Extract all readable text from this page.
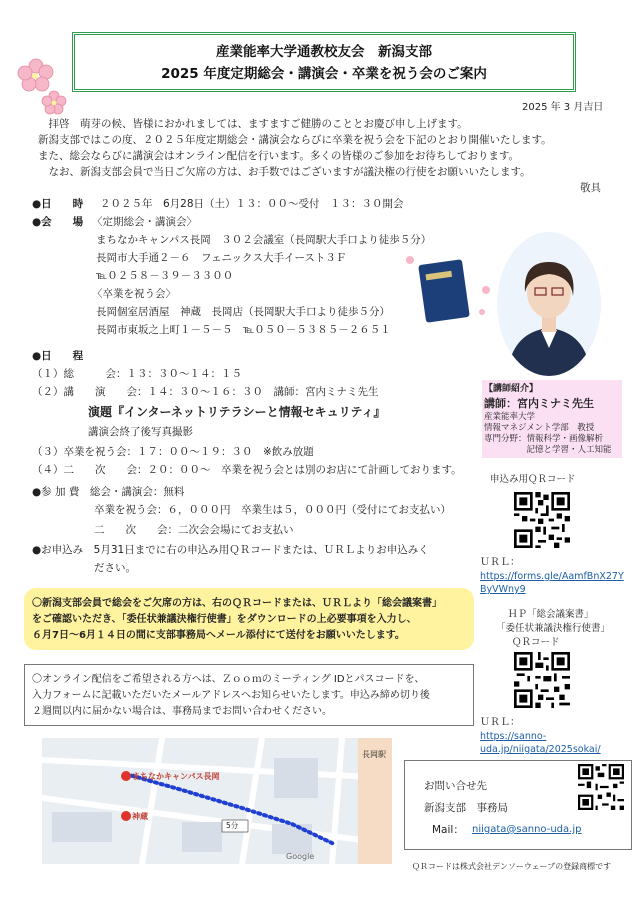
産業能率大学通教校友会　新潟支部
2025 年度定期総会・講演会・卒業を祝う会のご案内
2025 年 3 月吉日
　拝啓　萌芽の候、皆様におかれましては、ますますご健勝のこととお慶び申し上げます。
新潟支部ではこの度、２０２５年度定期総会・講演会ならびに卒業を祝う会を下記のとおり開催いたします。
また、総会ならびに講演会はオンライン配信を行います。多くの皆様のご参加をお待ちしております。
　なお、新潟支部会員で当日ご欠席の方は、お手数ではございますが議決権の行使をお願いいたします。
敬具
●日　　時 ２０２５年　6月28日（土）１３：００～受付　１３：３０開会
●会　　場 〈定期総会・講演会〉
まちなかキャンパス長岡　３０２会議室（長岡駅大手口より徒歩５分）
長岡市大手通２－６　フェニックス大手イースト３Ｆ
℡０２５８－３９－３３００
〈卒業を祝う会〉
長岡個室居酒屋　神蔵　長岡店（長岡駅大手口より徒歩５分）
長岡市東坂之上町１－５－５　℡０５０－５３８５－２６５１
●日　　程
（１）総　　　会：１３：３０～１４：１５
（２）講　　演　　会：１４：３０～１６：３０　講師：宮内ミナミ先生
演題『インターネットリテラシーと情報セキュリティ』
講演会終了後写真撮影
（３）卒業を祝う会：１７：００～１９：３０　※飲み放題
（４）二　　次　　会：２０：００～　卒業を祝う会とは別のお店にて計画しております。
●参 加 費　総会・講演会：無料
卒業を祝う会：６，０００円　卒業生は５，０００円（受付にてお支払い）
二　　次　　会：二次会会場にてお支払い
●お申込み　5月31日までに右の申込み用ＱＲコードまたは、ＵＲＬよりお申込みく
ださい。
【講師紹介】
講師：宮内ミナミ先生
産業能率大学
情報マネジメント学部　教授
専門分野：情報科学・画像解析
　　　　　記憶と学習・人工知能
申込み用ＱＲコード
ＵＲＬ：
https://forms.gle/AamfBnX27YByVWny9
ＨＰ「総会議案書」
「委任状兼議決権行使書」
ＱＲコード
ＵＲＬ：
https://sanno-
uda.jp/niigata/2025sokai/
〇新潟支部会員で総会をご欠席の方は、右のＱＲコードまたは、ＵＲＬより「総会議案書」
をご確認いただき、「委任状兼議決権行使書」をダウンロードの上必要事項を入力し、
６月7日～6月１４日の間に支部事務局へメール添付にて送付をお願いいたします。
〇オンライン配信をご希望される方へは、Ｚｏｏｍのミーティング IDとパスコードを、
入力フォームに記載いただいたメールアドレスへお知らせいたします。申込み締め切り後
２週間以内に届かない場合は、事務局までお問い合わせください。
まちなかキャンパス長岡
神蔵
長岡駅
5分
Google
お問い合せ先
新潟支部　事務局
Mail： niigata@sanno-uda.jp
ＱＲコードは株式会社デンソーウェーブの登録商標です
